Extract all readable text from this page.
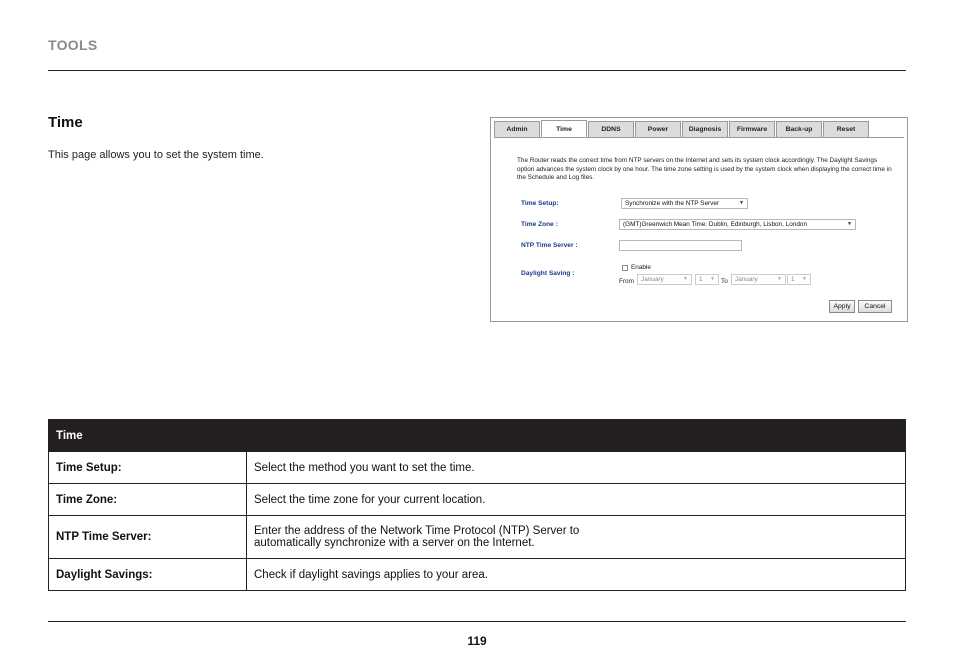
TOOLS
Time
This page allows you to set the system time.
Admin	Time	DDNS	Power	Diagnosis	Firmware	Back-up	Reset
The Router reads the correct time from NTP servers on the Internet and sets its system clock accordingly. The Daylight Savings option advances the system clock by one hour. The time zone setting is used by the system clock when displaying the correct time in the Schedule and Log files.
Time Setup:	Synchronize with the NTP Server	▼
Time Zone :	(GMT)Greenwich Mean Time: Dublin, Edinburgh, Lisbon, London	▼
NTP Time Server :
Daylight Saving :
Enable
From	January	▼	1 ▼ To	January	▼	1 ▼
Apply	Cancel
Time	
Time Setup:	Select the method you want to set the time.
Time Zone:	Select the time zone for your current location.
NTP Time Server:	Enter the address of the Network Time Protocol (NTP) Server to
automatically synchronize with a server on the Internet.

Daylight Savings:	Check if daylight savings applies to your area.
119
